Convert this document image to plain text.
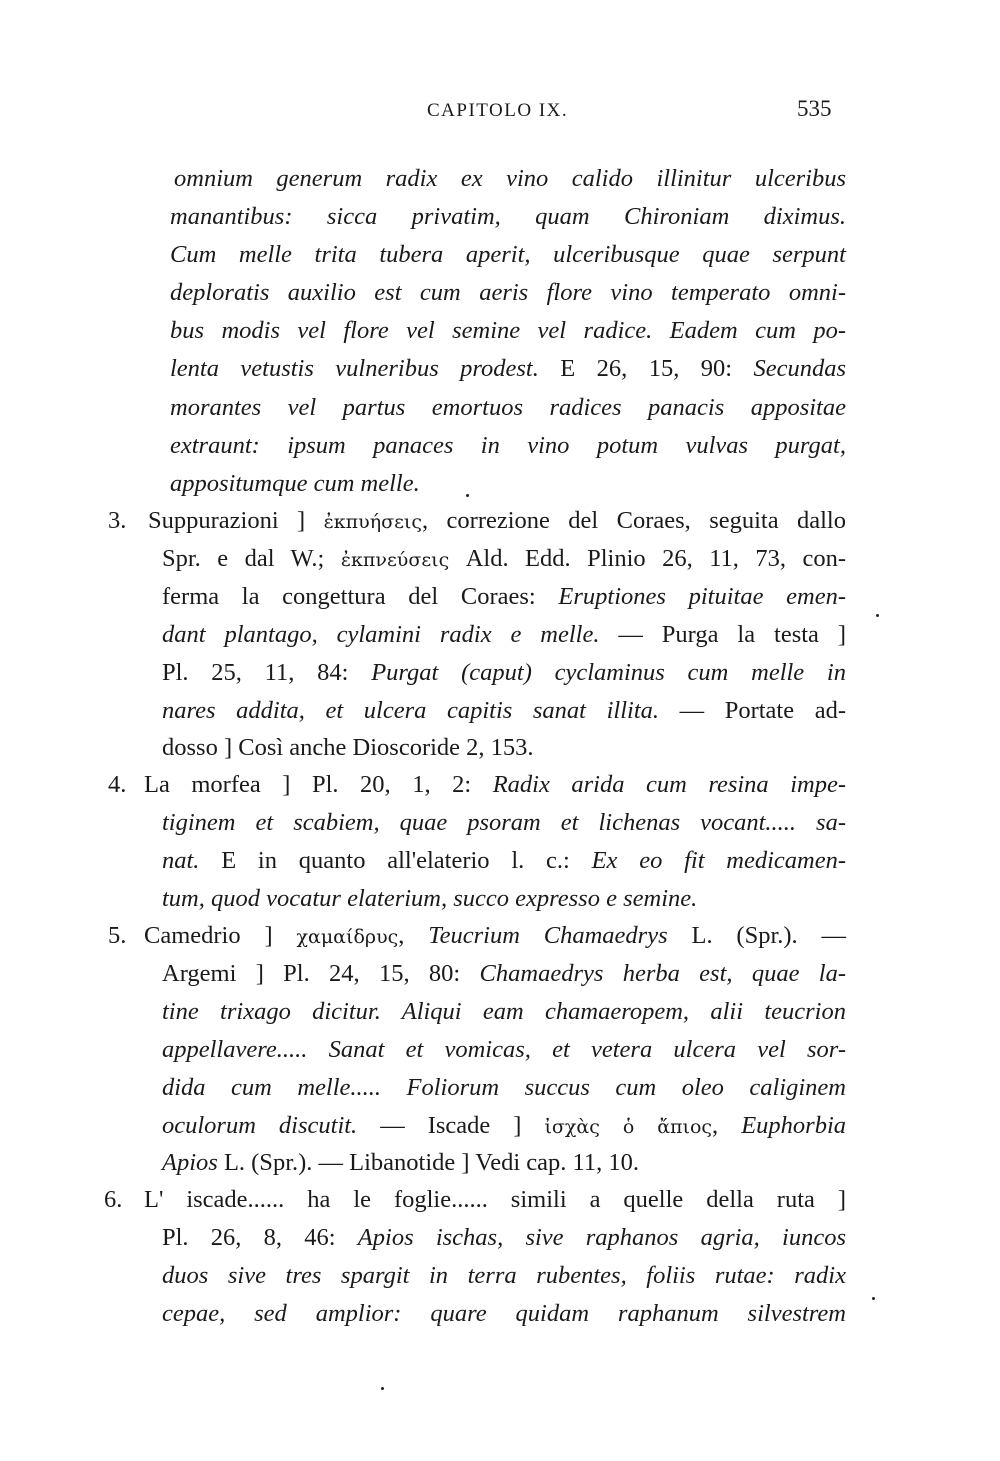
CAPITOLO IX.	535
omnium generum radix ex vino calido illinitur ulceribus
manantibus: sicca privatim, quam Chironiam diximus.
Cum melle trita tubera aperit, ulceribusque quae serpunt
deploratis auxilio est cum aeris flore vino temperato omni-
bus modis vel flore vel semine vel radice. Eadem cum po-
lenta vetustis vulneribus prodest. E 26, 15, 90: Secundas
morantes vel partus emortuos radices panacis appositae
extraunt: ipsum panaces in vino potum vulvas purgat,
appositumque cum melle.
3. Suppurazioni ] ἐκπυήσεις, correzione del Coraes, seguita dallo
Spr. e dal W.; ἐκπνεύσεις Ald. Edd. Plinio 26, 11, 73, con-
ferma la congettura del Coraes: Eruptiones pituitae emen-
dant plantago, cylamini radix e melle. — Purga la testa ]
Pl. 25, 11, 84: Purgat (caput) cyclaminus cum melle in
nares addita, et ulcera capitis sanat illita. — Portate ad-
dosso ] Così anche Dioscoride 2, 153.
4. La morfea ] Pl. 20, 1, 2: Radix arida cum resina impe-
tiginem et scabiem, quae psoram et lichenas vocant..... sa-
nat. E in quanto all'elaterio l. c.: Ex eo fit medicamen-
tum, quod vocatur elaterium, succo expresso e semine.
5. Camedrio ] χαμαίδρυς, Teucrium Chamaedrys L. (Spr.). —
Argemi ] Pl. 24, 15, 80: Chamaedrys herba est, quae la-
tine trixago dicitur. Aliqui eam chamaeropem, alii teucrion
appellavere..... Sanat et vomicas, et vetera ulcera vel sor-
dida cum melle..... Foliorum succus cum oleo caliginem
oculorum discutit. — Iscade ] ἰσχὰς ὁ ἄπιος, Euphorbia
Apios L. (Spr.). — Libanotide ] Vedi cap. 11, 10.
6. L' iscade...... ha le foglie...... simili a quelle della ruta ]
Pl. 26, 8, 46: Apios ischas, sive raphanos agria, iuncos
duos sive tres spargit in terra rubentes, foliis rutae: radix
cepae, sed amplior: quare quidam raphanum silvestrem
